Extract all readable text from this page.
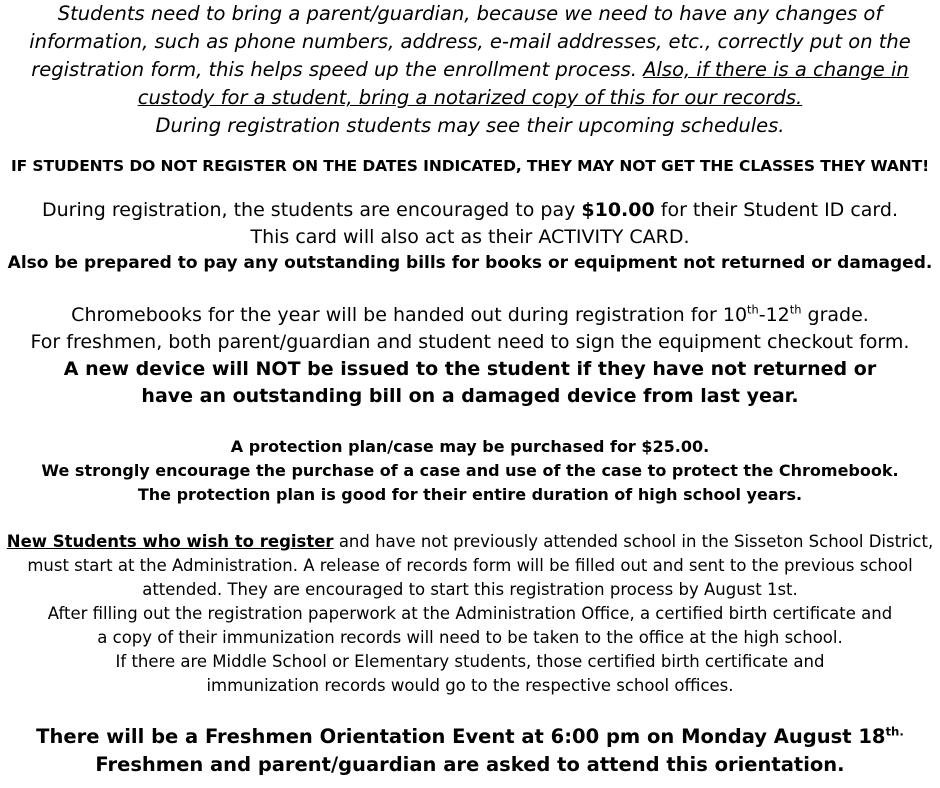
Students need to bring a parent/guardian, because we need to have any changes of

information, such as phone numbers, address, e-mail addresses, etc., correctly put on the

registration form, this helps speed up the enrollment process. Also, if there is a change in

custody for a student, bring a notarized copy of this for our records.

During registration students may see their upcoming schedules.

IF STUDENTS DO NOT REGISTER ON THE DATES INDICATED, THEY MAY NOT GET THE CLASSES THEY WANT!

During registration, the students are encouraged to pay $10.00 for their Student ID card.

This card will also act as their ACTIVITY CARD.

Also be prepared to pay any outstanding bills for books or equipment not returned or damaged.

Chromebooks for the year will be handed out during registration for 10th-12th grade.

For freshmen, both parent/guardian and student need to sign the equipment checkout form.

A new device will NOT be issued to the student if they have not returned or

have an outstanding bill on a damaged device from last year.

A protection plan/case may be purchased for $25.00.

We strongly encourage the purchase of a case and use of the case to protect the Chromebook.

The protection plan is good for their entire duration of high school years.

New Students who wish to register and have not previously attended school in the Sisseton School District,

must start at the Administration. A release of records form will be filled out and sent to the previous school

attended. They are encouraged to start this registration process by August 1st.

After filling out the registration paperwork at the Administration Office, a certified birth certificate and

a copy of their immunization records will need to be taken to the office at the high school.

If there are Middle School or Elementary students, those certified birth certificate and

immunization records would go to the respective school offices.

There will be a Freshmen Orientation Event at 6:00 pm on Monday August $18^{th.}$

Freshmen and parent/guardian are asked to attend this orientation.
